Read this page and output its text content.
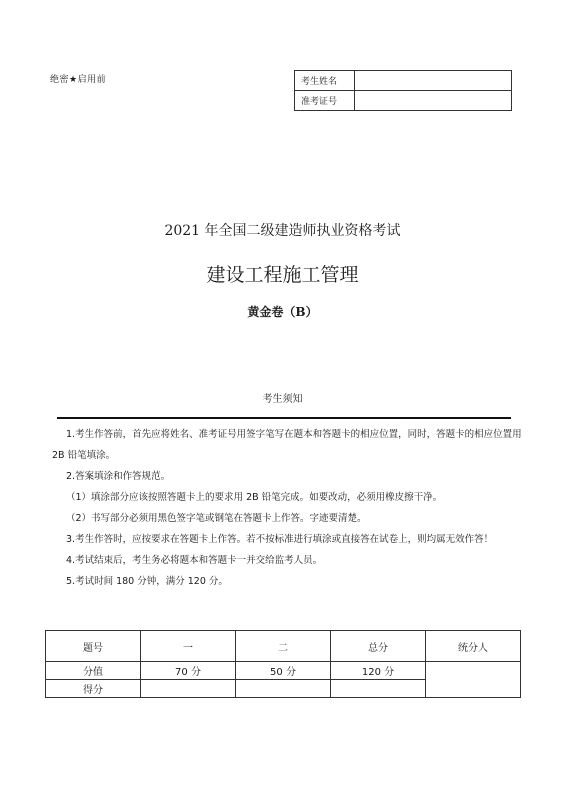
绝密★启用前	考生姓名	
准考证号	
2021 年全国二级建造师执业资格考试
建设工程施工管理
黄金卷（B）
考生须知

1.考生作答前，首先应将姓名、准考证号用签字笔写在题本和答题卡的相应位置，同时，答题卡的相应位置用 2B 铅笔填涂。

2.答案填涂和作答规范。

（1）填涂部分应该按照答题卡上的要求用 2B 铅笔完成。如要改动，必须用橡皮擦干净。

（2）书写部分必须用黑色签字笔或钢笔在答题卡上作答。字迹要清楚。

3.考生作答时，应按要求在答题卡上作答。若不按标准进行填涂或直接答在试卷上，则均属无效作答！

4.考试结束后，考生务必将题本和答题卡一并交给监考人员。

5.考试时间 180 分钟，满分 120 分。

题号	一	二	总分	统分人
分值	70 分	50 分	120 分	
得分				
